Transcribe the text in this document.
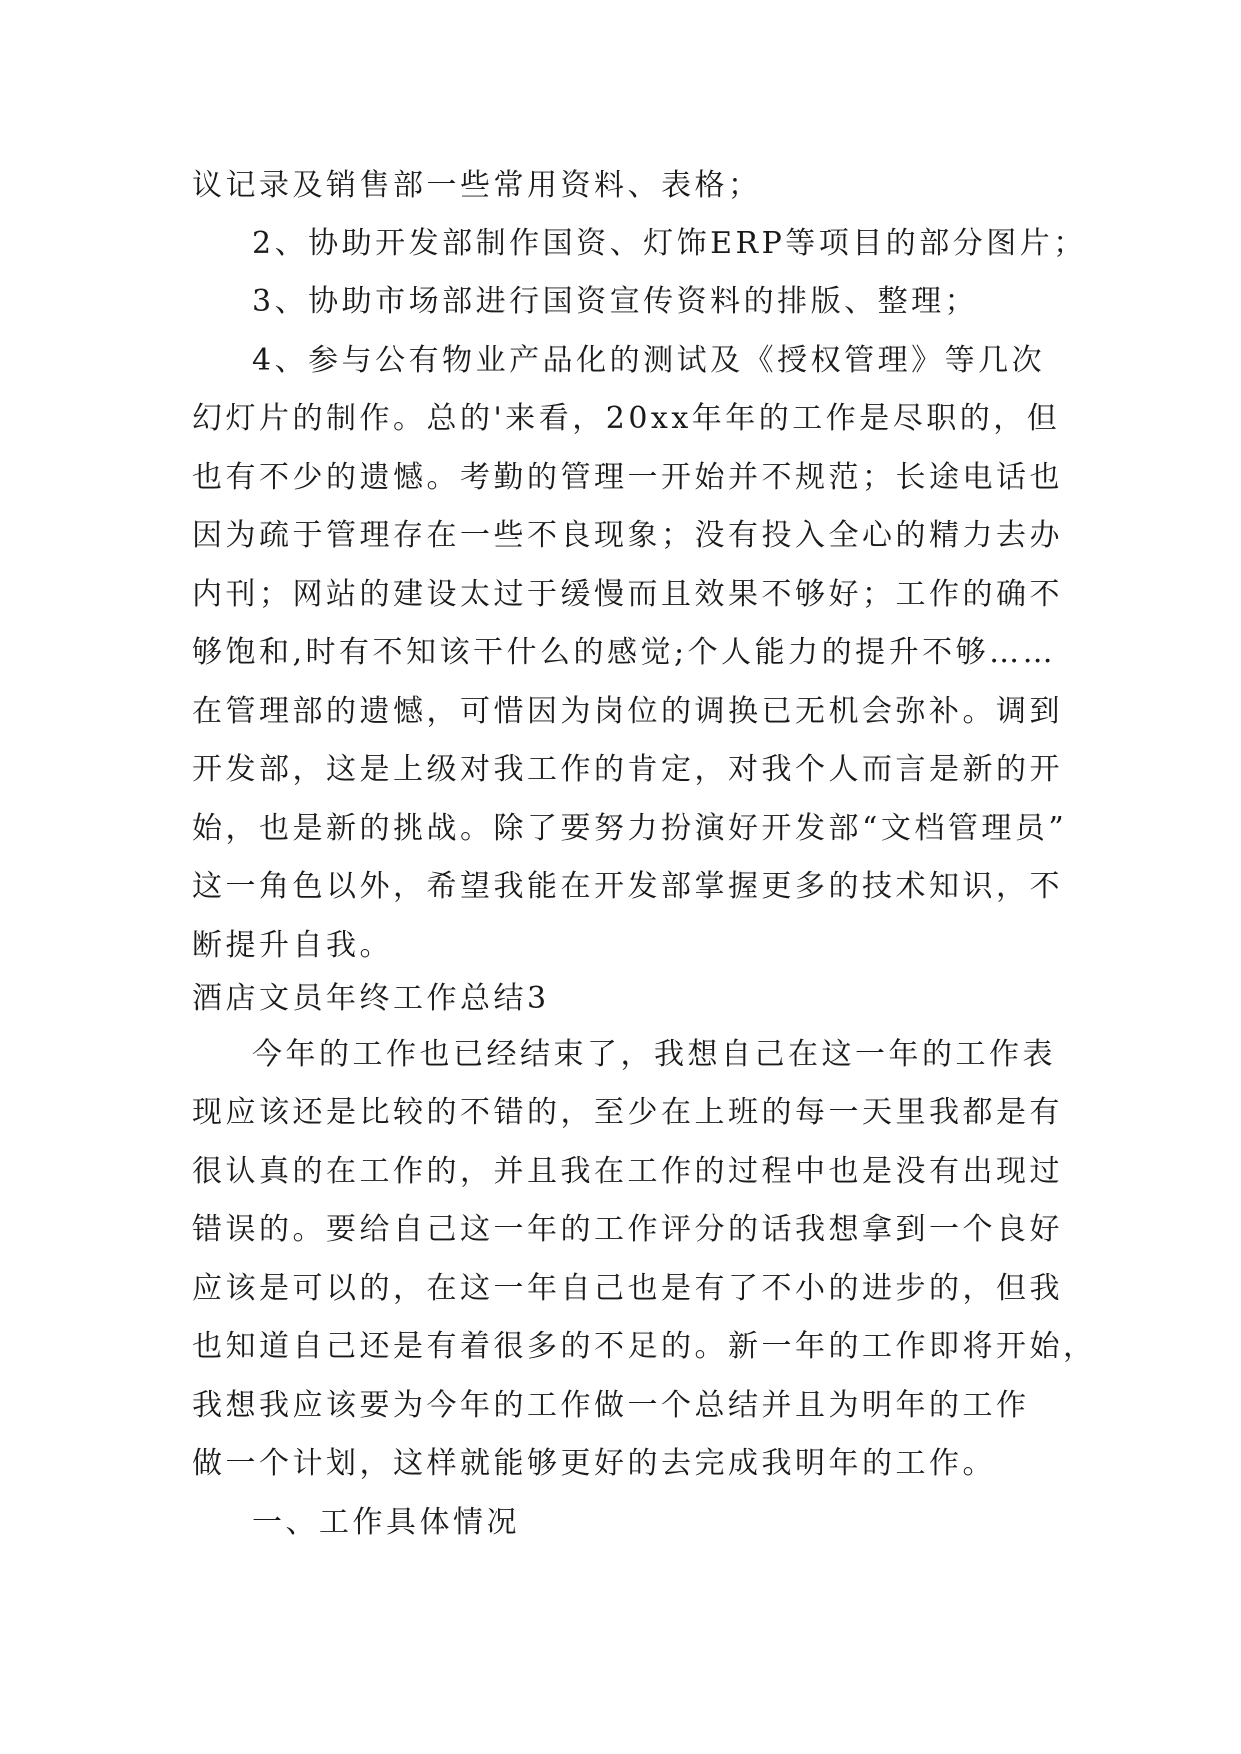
议记录及销售部一些常用资料、表格；
2、协助开发部制作国资、灯饰ERP等项目的部分图片；
3、协助市场部进行国资宣传资料的排版、整理；
4、参与公有物业产品化的测试及《授权管理》等几次
幻灯片的制作。总的'来看，20xx年年的工作是尽职的，但
也有不少的遗憾。考勤的管理一开始并不规范；长途电话也
因为疏于管理存在一些不良现象；没有投入全心的精力去办
内刊；网站的建设太过于缓慢而且效果不够好；工作的确不
够饱和,时有不知该干什么的感觉;个人能力的提升不够……
在管理部的遗憾，可惜因为岗位的调换已无机会弥补。调到
开发部，这是上级对我工作的肯定，对我个人而言是新的开
始，也是新的挑战。除了要努力扮演好开发部“文档管理员”
这一角色以外，希望我能在开发部掌握更多的技术知识，不
断提升自我。
酒店文员年终工作总结3
今年的工作也已经结束了，我想自己在这一年的工作表
现应该还是比较的不错的，至少在上班的每一天里我都是有
很认真的在工作的，并且我在工作的过程中也是没有出现过
错误的。要给自己这一年的工作评分的话我想拿到一个良好
应该是可以的，在这一年自己也是有了不小的进步的，但我
也知道自己还是有着很多的不足的。新一年的工作即将开始，
我想我应该要为今年的工作做一个总结并且为明年的工作
做一个计划，这样就能够更好的去完成我明年的工作。
一、工作具体情况
